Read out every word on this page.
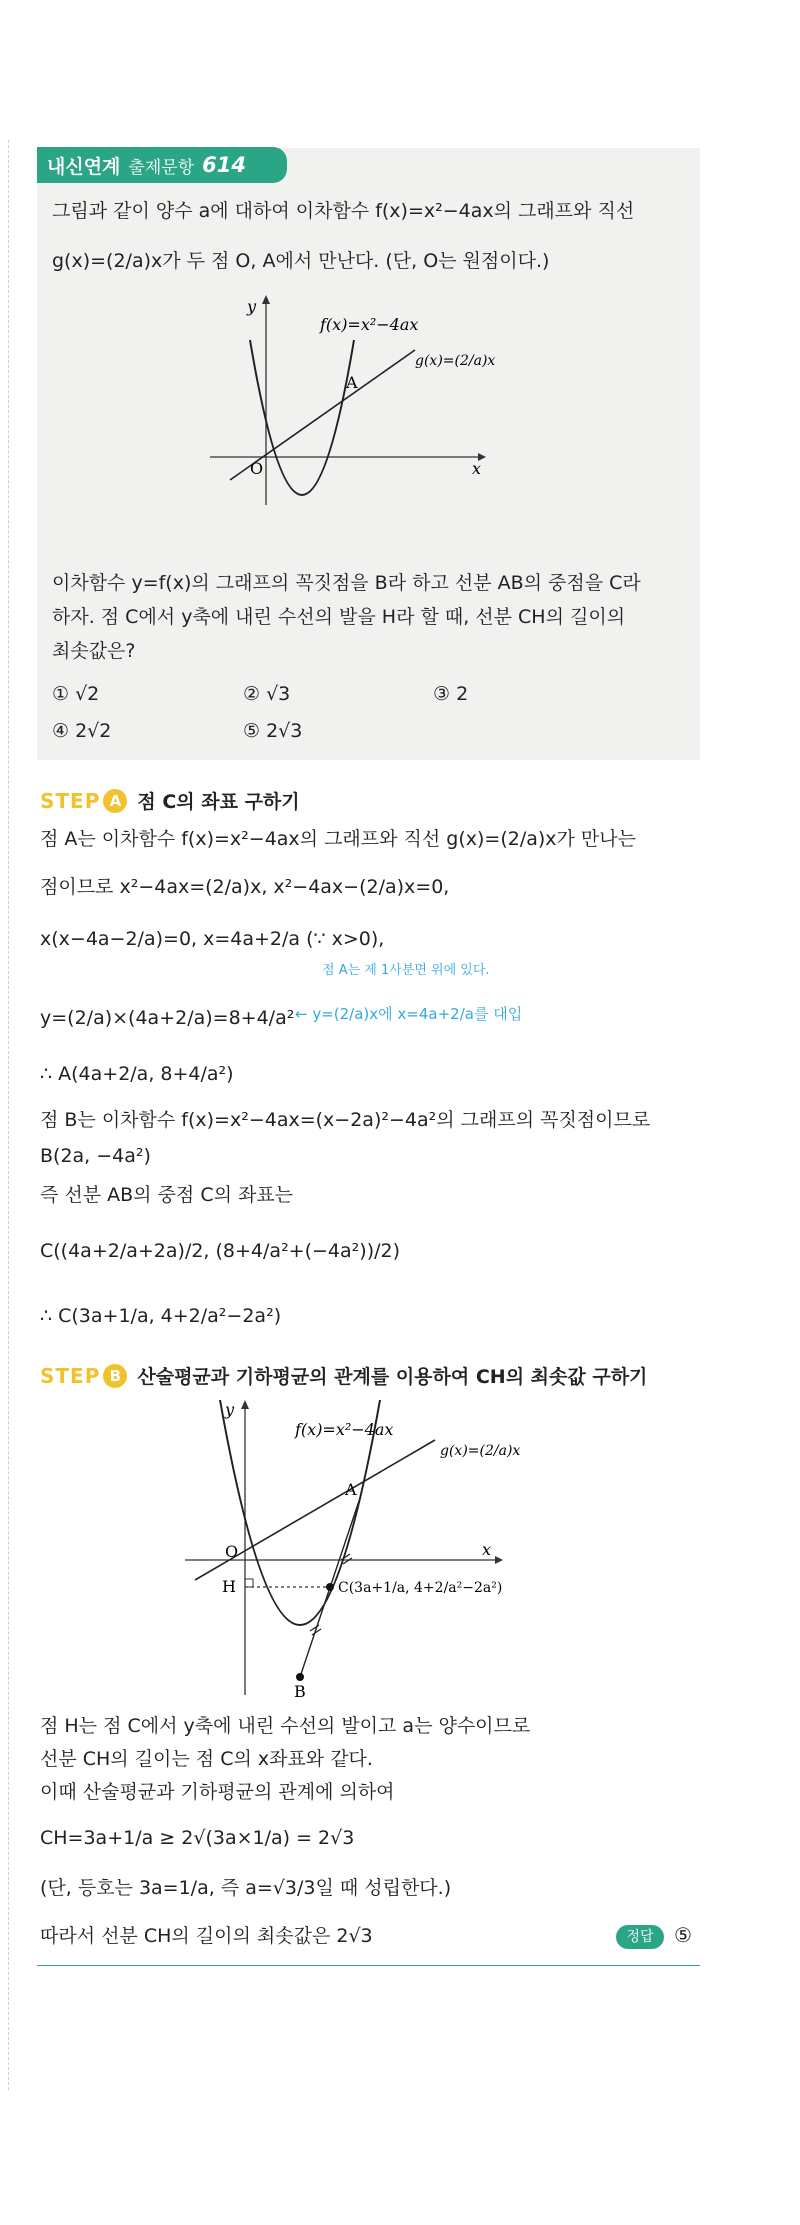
내신연계 출제문항 614
그림과 같이 양수 a에 대하여 이차함수 f(x)=x²−4ax의 그래프와 직선
g(x)=(2/a)x가 두 점 O, A에서 만난다. (단, O는 원점이다.)
f(x)=x²−4ax
g(x)=(2/a)x
A
O	x
y
이차함수 y=f(x)의 그래프의 꼭짓점을 B라 하고 선분 AB의 중점을 C라
하자. 점 C에서 y축에 내린 수선의 발을 H라 할 때, 선분 CH의 길이의
최솟값은?
① √2	② √3	③ 2
④ 2√2	⑤ 2√3
STEP A 점 C의 좌표 구하기
점 A는 이차함수 f(x)=x²−4ax의 그래프와 직선 g(x)=(2/a)x가 만나는
점이므로 x²−4ax=(2/a)x, x²−4ax−(2/a)x=0,
x(x−4a−2/a)=0, x=4a+2/a (∵ x>0),
점 A는 제 1사분면 위에 있다.
y=(2/a)×(4a+2/a)=8+4/a² ← y=(2/a)x에 x=4a+2/a를 대입
∴ A(4a+2/a, 8+4/a²)
점 B는 이차함수 f(x)=x²−4ax=(x−2a)²−4a²의 그래프의 꼭짓점이므로
B(2a, −4a²)
즉 선분 AB의 중점 C의 좌표는
C((4a+2/a+2a)/2, (8+4/a²+(−4a²))/2)
∴ C(3a+1/a, 4+2/a²−2a²)
STEP B 산술평균과 기하평균의 관계를 이용하여 CH의 최솟값 구하기
f(x)=x²−4ax
g(x)=(2/a)x
A
O
H	C(3a+1/a, 4+2/a²−2a²)
B
x
y
점 H는 점 C에서 y축에 내린 수선의 발이고 a는 양수이므로
선분 CH의 길이는 점 C의 x좌표와 같다.
이때 산술평균과 기하평균의 관계에 의하여
CH=3a+1/a ≥ 2√(3a×1/a) = 2√3
(단, 등호는 3a=1/a, 즉 a=√3/3일 때 성립한다.)
따라서 선분 CH의 길이의 최솟값은 2√3	정답	⑤
